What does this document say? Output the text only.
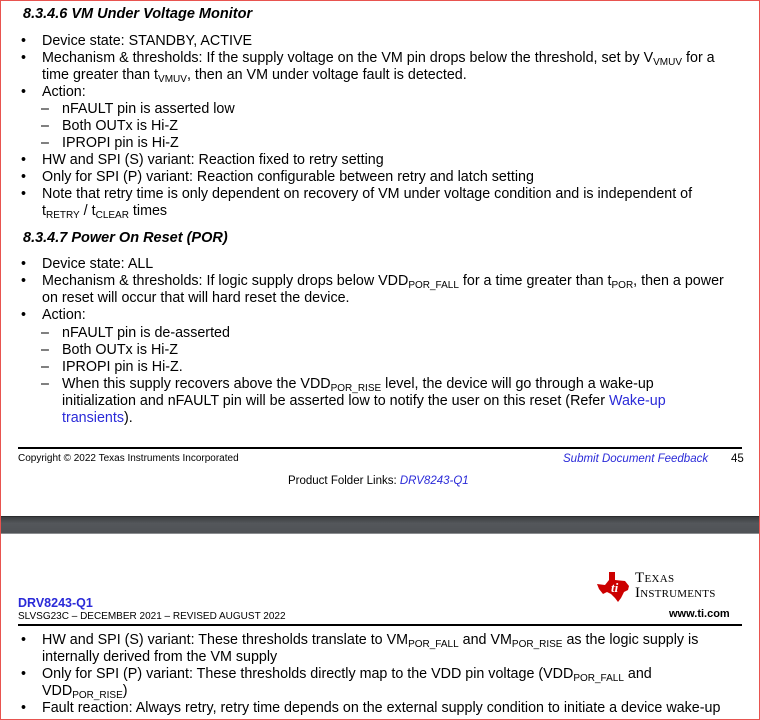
8.3.4.6 VM Under Voltage Monitor
• Device state: STANDBY, ACTIVE
• Mechanism & thresholds: If the supply voltage on the VM pin drops below the threshold, set by $V_{VMUV}$ for a
time greater than $t_{VMUV}$, then an VM under voltage fault is detected.
• Action:
– nFAULT pin is asserted low
– Both OUTx is Hi-Z
– IPROPI pin is Hi-Z
• HW and SPI (S) variant: Reaction fixed to retry setting
• Only for SPI (P) variant: Reaction configurable between retry and latch setting
• Note that retry time is only dependent on recovery of VM under voltage condition and is independent of
$t_{RETRY} / t_{CLEAR}$ times
8.3.4.7 Power On Reset (POR)
• Device state: ALL
• Mechanism & thresholds: If logic supply drops below $VDD_{POR\_FALL}$ for a time greater than $t_{POR}$, then a power
on reset will occur that will hard reset the device.
• Action:
– nFAULT pin is de-asserted
– Both OUTx is Hi-Z
– IPROPI pin is Hi-Z.
– When this supply recovers above the $VDD_{POR\_RISE}$ level, the device will go through a wake-up
initialization and nFAULT pin will be asserted low to notify the user on this reset (Refer Wake-up
transients).
Copyright © 2022 Texas Instruments Incorporated	Submit Document Feedback 45
Product Folder Links: DRV8243-Q1
ti
Texas
Instruments
www.ti.com
DRV8243-Q1
SLVSG23C – DECEMBER 2021 – REVISED AUGUST 2022
• HW and SPI (S) variant: These thresholds translate to $VM_{POR\_FALL}$ and $VM_{POR\_RISE}$ as the logic supply is
internally derived from the VM supply
• Only for SPI (P) variant: These thresholds directly map to the VDD pin voltage ($VDD_{POR\_FALL}$ and
$VDD_{POR\_RISE}$)
• Fault reaction: Always retry, retry time depends on the external supply condition to initiate a device wake-up
